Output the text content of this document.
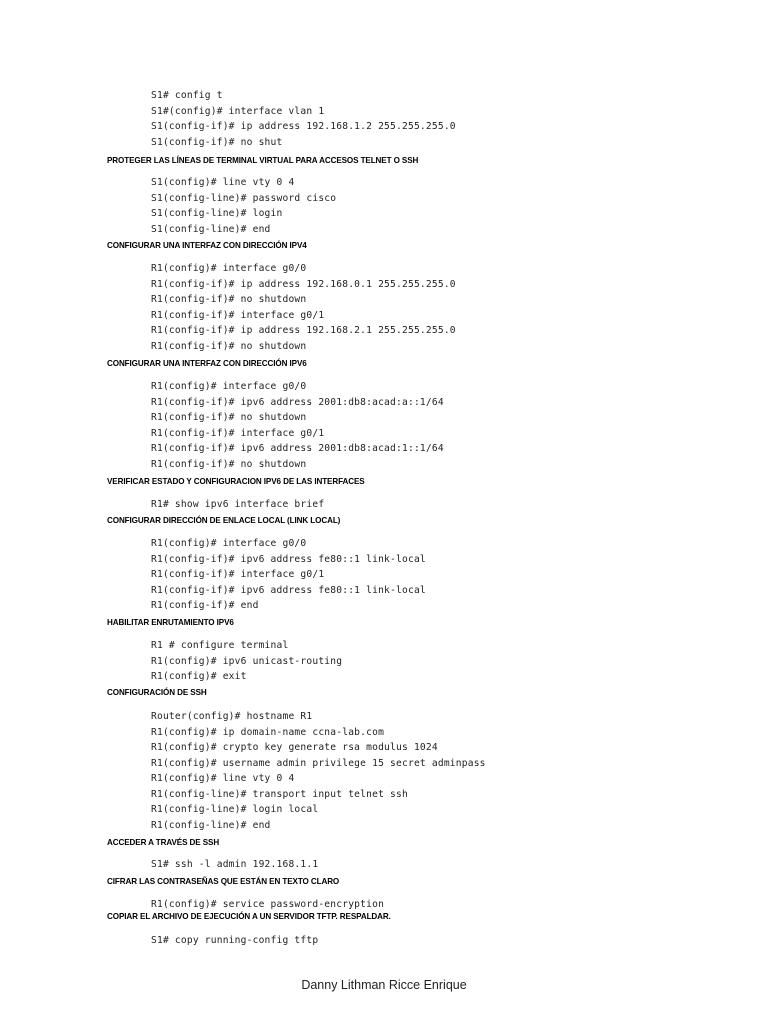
S1# config t
S1#(config)# interface vlan 1
S1(config-if)# ip address 192.168.1.2 255.255.255.0
S1(config-if)# no shut
PROTEGER LAS LÍNEAS DE TERMINAL VIRTUAL PARA ACCESOS TELNET O SSH
S1(config)# line vty 0 4
S1(config-line)# password cisco
S1(config-line)# login
S1(config-line)# end
CONFIGURAR UNA INTERFAZ CON DIRECCIÓN IPV4
R1(config)# interface g0/0
R1(config-if)# ip address 192.168.0.1 255.255.255.0
R1(config-if)# no shutdown
R1(config-if)# interface g0/1
R1(config-if)# ip address 192.168.2.1 255.255.255.0
R1(config-if)# no shutdown
CONFIGURAR UNA INTERFAZ CON DIRECCIÓN IPV6
R1(config)# interface g0/0
R1(config-if)# ipv6 address 2001:db8:acad:a::1/64
R1(config-if)# no shutdown
R1(config-if)# interface g0/1
R1(config-if)# ipv6 address 2001:db8:acad:1::1/64
R1(config-if)# no shutdown
VERIFICAR ESTADO Y CONFIGURACION IPV6 DE LAS INTERFACES
R1# show ipv6 interface brief
CONFIGURAR DIRECCIÓN DE ENLACE LOCAL (LINK LOCAL)
R1(config)# interface g0/0
R1(config-if)# ipv6 address fe80::1 link-local
R1(config-if)# interface g0/1
R1(config-if)# ipv6 address fe80::1 link-local
R1(config-if)# end
HABILITAR ENRUTAMIENTO IPV6
R1 # configure terminal
R1(config)# ipv6 unicast-routing
R1(config)# exit
CONFIGURACIÓN DE SSH
Router(config)# hostname R1
R1(config)# ip domain-name ccna-lab.com
R1(config)# crypto key generate rsa modulus 1024
R1(config)# username admin privilege 15 secret adminpass
R1(config)# line vty 0 4
R1(config-line)# transport input telnet ssh
R1(config-line)# login local
R1(config-line)# end
ACCEDER A TRAVÉS DE SSH
S1# ssh -l admin 192.168.1.1
CIFRAR LAS CONTRASEÑAS QUE ESTÁN EN TEXTO CLARO
R1(config)# service password-encryption
COPIAR EL ARCHIVO DE EJECUCIÓN A UN SERVIDOR TFTP. RESPALDAR.
S1# copy running-config tftp
Danny Lithman Ricce Enrique
